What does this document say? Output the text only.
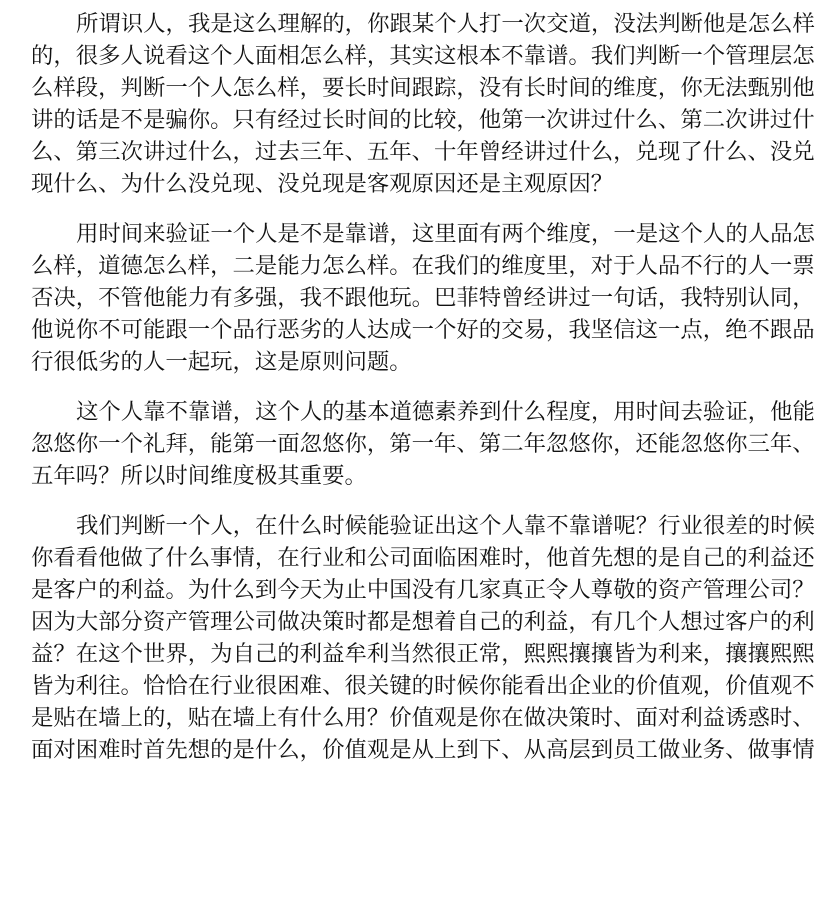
所谓识人，我是这么理解的，你跟某个人打一次交道，没法判断他是怎么样
的，很多人说看这个人面相怎么样，其实这根本不靠谱。我们判断一个管理层怎
么样段，判断一个人怎么样，要长时间跟踪，没有长时间的维度，你无法甄别他
讲的话是不是骗你。只有经过长时间的比较，他第一次讲过什么、第二次讲过什
么、第三次讲过什么，过去三年、五年、十年曾经讲过什么，兑现了什么、没兑
现什么、为什么没兑现、没兑现是客观原因还是主观原因？
用时间来验证一个人是不是靠谱，这里面有两个维度，一是这个人的人品怎
么样，道德怎么样，二是能力怎么样。在我们的维度里，对于人品不行的人一票
否决，不管他能力有多强，我不跟他玩。巴菲特曾经讲过一句话，我特别认同，
他说你不可能跟一个品行恶劣的人达成一个好的交易，我坚信这一点，绝不跟品
行很低劣的人一起玩，这是原则问题。
这个人靠不靠谱，这个人的基本道德素养到什么程度，用时间去验证，他能
忽悠你一个礼拜，能第一面忽悠你，第一年、第二年忽悠你，还能忽悠你三年、
五年吗？所以时间维度极其重要。
我们判断一个人，在什么时候能验证出这个人靠不靠谱呢？行业很差的时候
你看看他做了什么事情，在行业和公司面临困难时，他首先想的是自己的利益还
是客户的利益。为什么到今天为止中国没有几家真正令人尊敬的资产管理公司？
因为大部分资产管理公司做决策时都是想着自己的利益，有几个人想过客户的利
益？在这个世界，为自己的利益牟利当然很正常，熙熙攘攘皆为利来，攘攘熙熙
皆为利往。恰恰在行业很困难、很关键的时候你能看出企业的价值观，价值观不
是贴在墙上的，贴在墙上有什么用？价值观是你在做决策时、面对利益诱惑时、
面对困难时首先想的是什么，价值观是从上到下、从高层到员工做业务、做事情
